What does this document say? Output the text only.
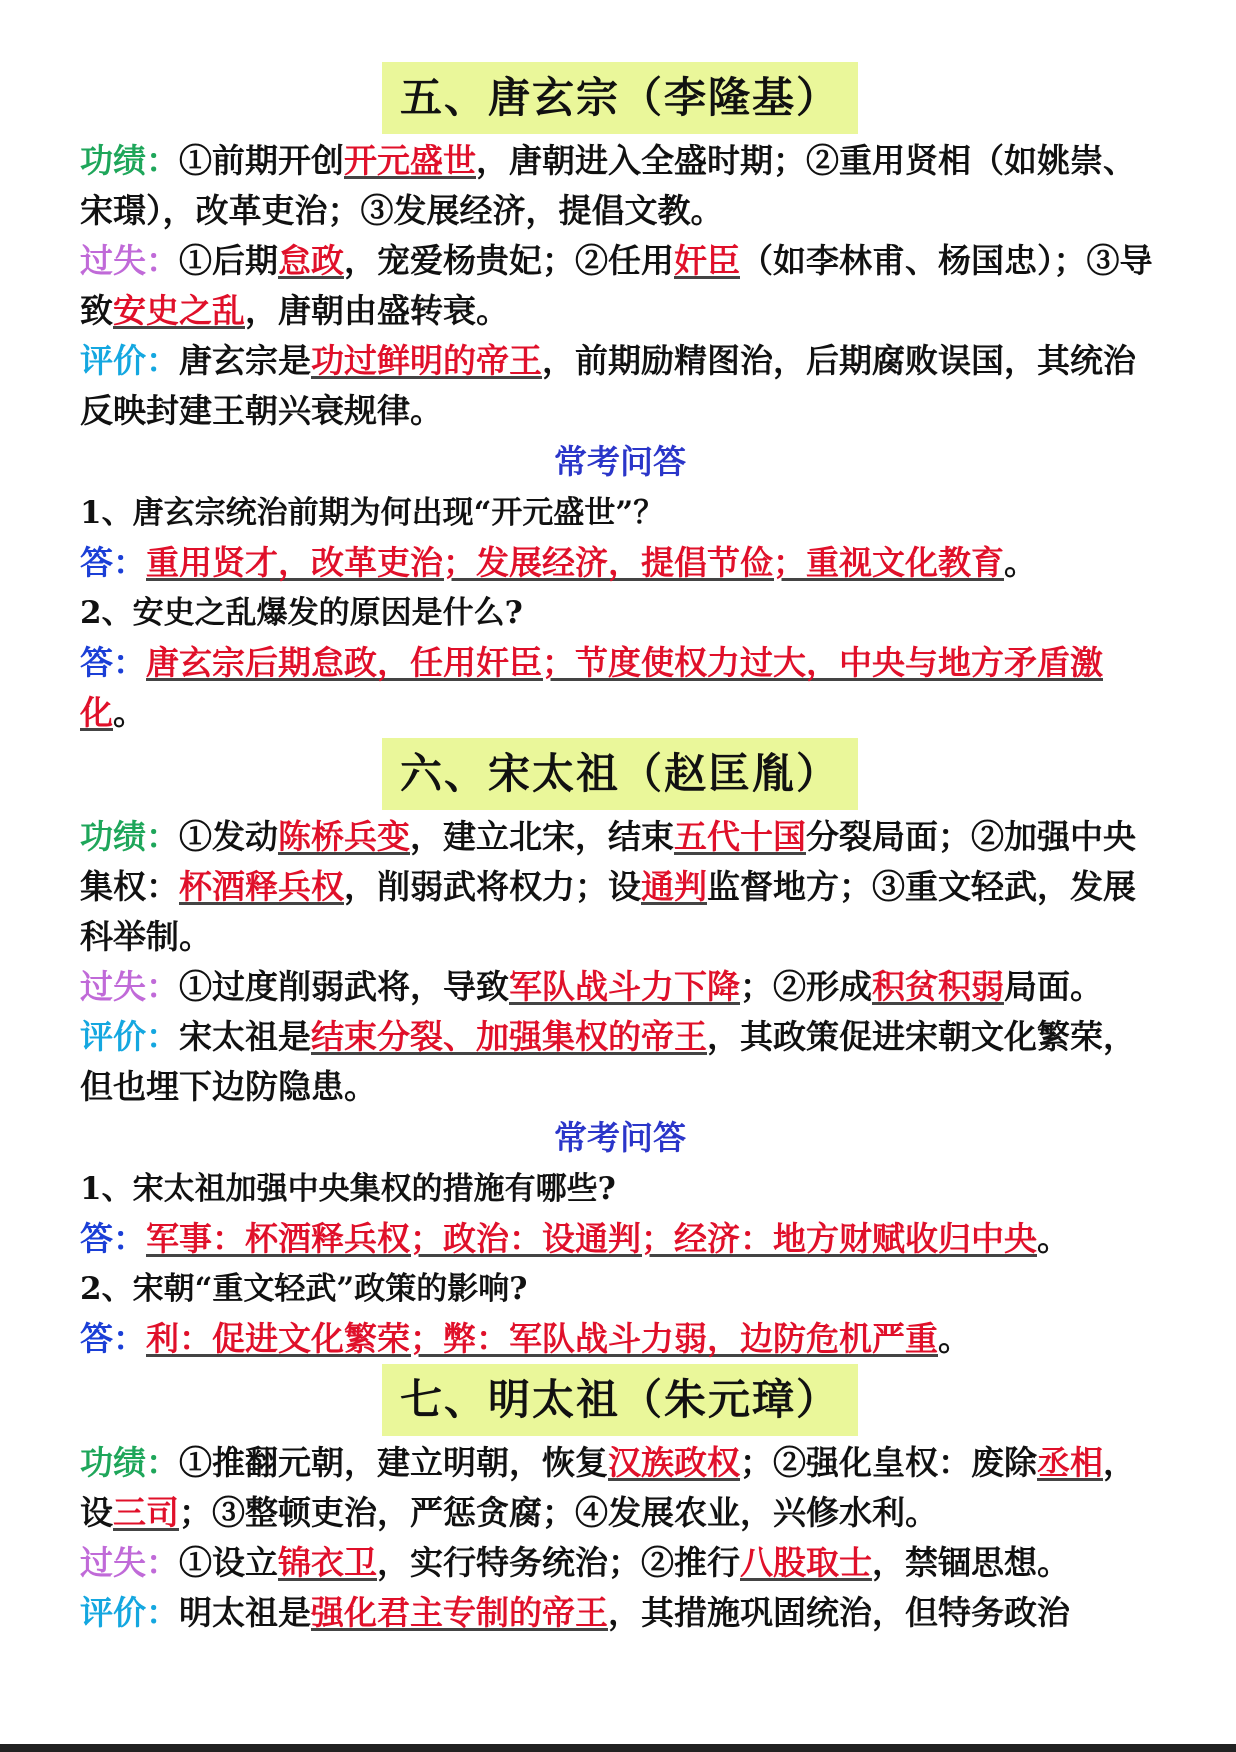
五、唐玄宗（李隆基）

功绩：①前期开创开元盛世，唐朝进入全盛时期；②重用贤相（如姚崇、宋璟），改革吏治；③发展经济，提倡文教。

过失：①后期怠政，宠爱杨贵妃；②任用奸臣（如李林甫、杨国忠）；③导致安史之乱，唐朝由盛转衰。

评价：唐玄宗是功过鲜明的帝王，前期励精图治，后期腐败误国，其统治反映封建王朝兴衰规律。

常考问答

1、唐玄宗统治前期为何出现“开元盛世”？

答：重用贤才，改革吏治；发展经济，提倡节俭；重视文化教育。

2、安史之乱爆发的原因是什么?

答：唐玄宗后期怠政，任用奸臣；节度使权力过大，中央与地方矛盾激化。

六、宋太祖（赵匡胤）

功绩：①发动陈桥兵变，建立北宋，结束五代十国分裂局面；②加强中央集权：杯酒释兵权，削弱武将权力；设通判监督地方；③重文轻武，发展科举制。

过失：①过度削弱武将，导致军队战斗力下降；②形成积贫积弱局面。

评价：宋太祖是结束分裂、加强集权的帝王，其政策促进宋朝文化繁荣，但也埋下边防隐患。

常考问答

1、宋太祖加强中央集权的措施有哪些?

答：军事：杯酒释兵权；政治：设通判；经济：地方财赋收归中央。

2、宋朝“重文轻武”政策的影响?

答：利：促进文化繁荣；弊：军队战斗力弱，边防危机严重。

七、明太祖（朱元璋）

功绩：①推翻元朝，建立明朝，恢复汉族政权；②强化皇权：废除丞相，设三司；③整顿吏治，严惩贪腐；④发展农业，兴修水利。

过失：①设立锦衣卫，实行特务统治；②推行八股取士，禁锢思想。

评价：明太祖是强化君主专制的帝王，其措施巩固统治，但特务政治
